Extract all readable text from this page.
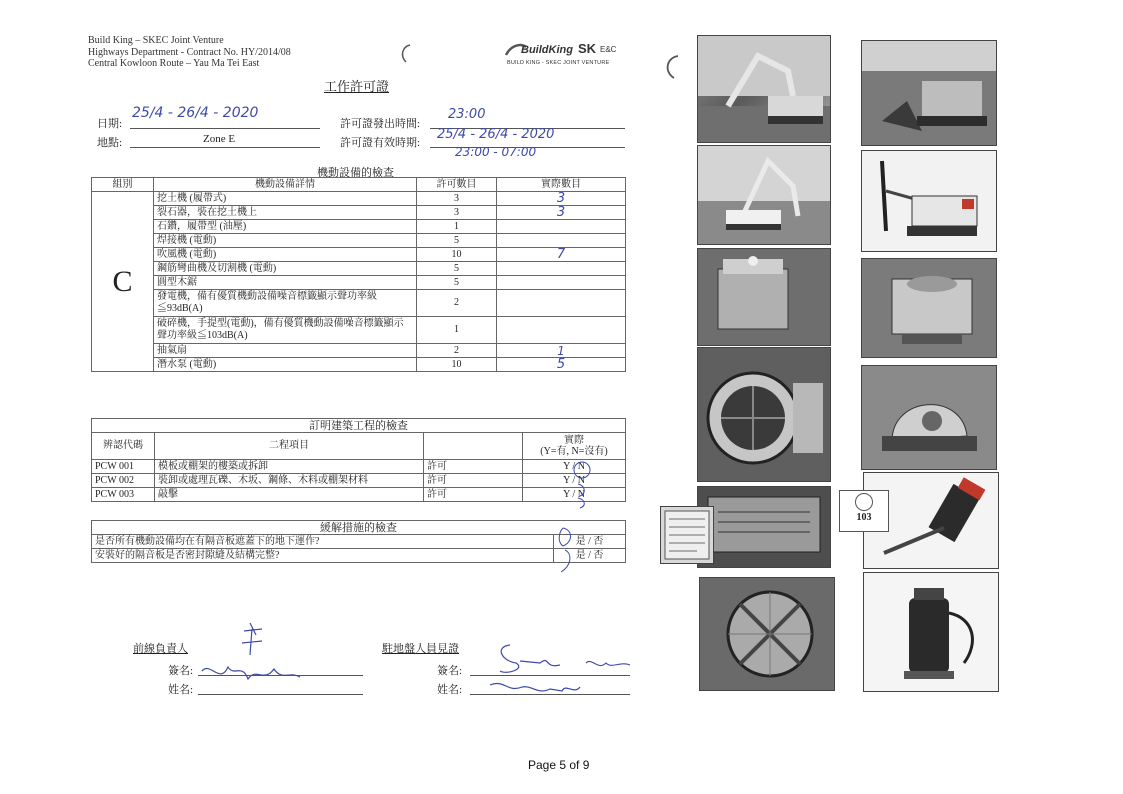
Build King – SKEC Joint Venture
Highways Department - Contract No. HY/2014/08
Central Kowloon Route – Yau Ma Tei East
BuildKing SK E&C
BUILD KING - SKEC JOINT VENTURE
工作許可證
日期:
25/4 - 26/4 - 2020
地點:	Zone E
許可證發出時間:
23:00
許可證有效時期:
25/4 - 26/4 - 2020
23:00 - 07:00
機動設備的檢查
組別	機動設備詳情	許可數目	實際數目
C	挖土機 (履帶式)	3	3
	裂石器，裝在挖土機上	3	3
	石鑽，履帶型 (油壓)	1	
	焊接機 (電動)	5	
	吹風機 (電動)	10	7
	鋼筋彎曲機及切割機 (電動)	5	
	圓型木鋸	5	
	發電機，備有優質機動設備噪音標籤顯示聲功率級≦93dB(A)	2	
	破碎機，手提型(電動)，備有優質機動設備噪音標籤顯示聲功率級≦103dB(A)	1	
	抽氣扇	2	1
	潛水泵 (電動)	10	5
訂明建築工程的檢查			
辨認代碼	二程項目		實際
(Y=有, N=沒有)

PCW 001	模板或棚架的樓築或拆卸	許可	Y / N
PCW 002	裝卸或處理瓦礫、木坂、鋼條、木料或棚架材料	許可	Y / N
PCW 003	敲擊	許可	Y / N
緩解措施的檢查	
是否所有機動設備均在有隔音板遮蓋下的地下運作?	是 / 否
安裝好的隔音板是否密封隙縫及結構完整?	是 / 否
前線負責人	駐地盤人員見證
簽名:
姓名:
簽名:
姓名:
103
Page 5 of 9
